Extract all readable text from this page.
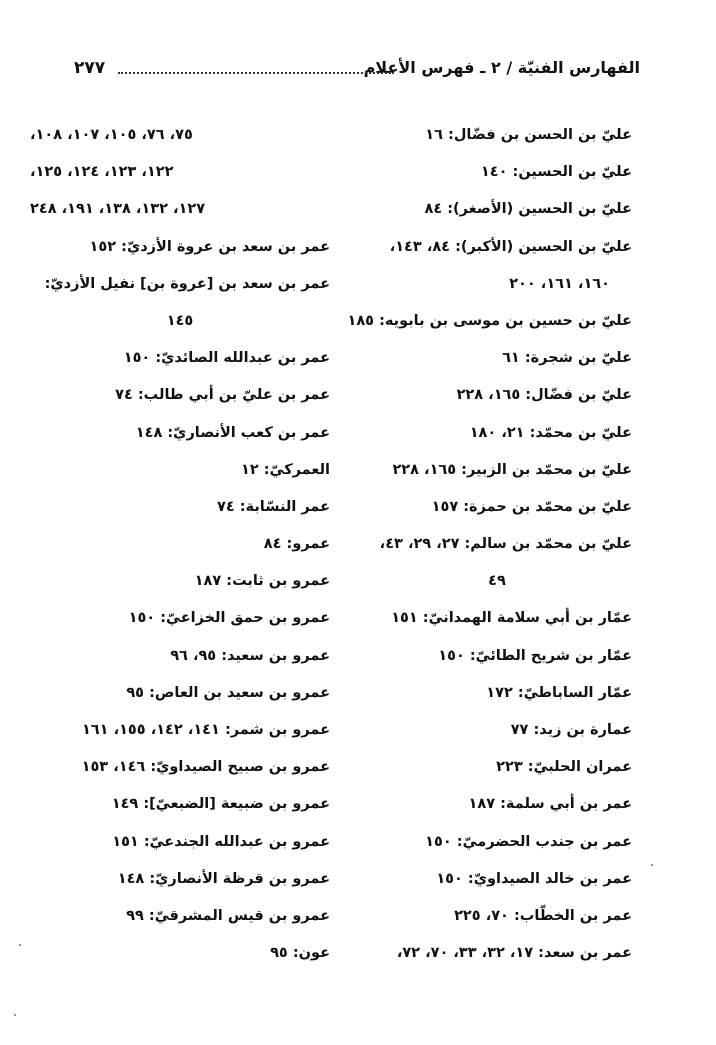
الفهارس الفنيّة / ٢ ـ فهرس الأعلام
٢٧٧
عليّ بن الحسن بن فضّال: ١٦
عليّ بن الحسين: ١٤٠
عليّ بن الحسين (الأصغر): ٨٤
عليّ بن الحسين (الأكبر): ٨٤، ١٤٣،
١٦٠، ١٦١، ٢٠٠
عليّ بن حسين بن موسى بن بابويه: ١٨٥
عليّ بن شجرة: ٦١
عليّ بن فضّال: ١٦٥، ٢٢٨
عليّ بن محمّد: ٢١، ١٨٠
عليّ بن محمّد بن الزبير: ١٦٥، ٢٢٨
عليّ بن محمّد بن حمزة: ١٥٧
عليّ بن محمّد بن سالم: ٢٧، ٢٩، ٤٣،
٤٩
عمّار بن أبي سلامة الهمدانيّ: ١٥١
عمّار بن شريح الطائيّ: ١٥٠
عمّار الساباطيّ: ١٧٢
عمارة بن زيد: ٧٧
عمران الحلبيّ: ٢٢٣
عمر بن أبي سلمة: ١٨٧
عمر بن جندب الحضرميّ: ١٥٠
عمر بن خالد الصيداويّ: ١٥٠
عمر بن الخطّاب: ٧٠، ٢٢٥
عمر بن سعد: ١٧، ٣٢، ٣٣، ٧٠، ٧٢،
٧٥، ٧٦، ١٠٥، ١٠٧، ١٠٨،
١٢٢، ١٢٣، ١٢٤، ١٢٥،
١٢٧، ١٣٢، ١٣٨، ١٩١، ٢٤٨
عمر بن سعد بن عروة الأزديّ: ١٥٢
عمر بن سعد بن [عروة بن] نفيل الأزديّ:
١٤٥
عمر بن عبدالله الصائديّ: ١٥٠
عمر بن عليّ بن أبي طالب: ٧٤
عمر بن كعب الأنصاريّ: ١٤٨
العمركيّ: ١٢
عمر النسّابة: ٧٤
عمرو: ٨٤
عمرو بن ثابت: ١٨٧
عمرو بن حمق الخزاعيّ: ١٥٠
عمرو بن سعيد: ٩٥، ٩٦
عمرو بن سعيد بن العاص: ٩٥
عمرو بن شمر: ١٤١، ١٤٢، ١٥٥، ١٦١
عمرو بن صبيح الصيداويّ: ١٤٦، ١٥٣
عمرو بن ضبيعة [الضبعيّ]: ١٤٩
عمرو بن عبدالله الجندعيّ: ١٥١
عمرو بن قرظة الأنصاريّ: ١٤٨
عمرو بن قيس المشرقيّ: ٩٩
عون: ٩٥
